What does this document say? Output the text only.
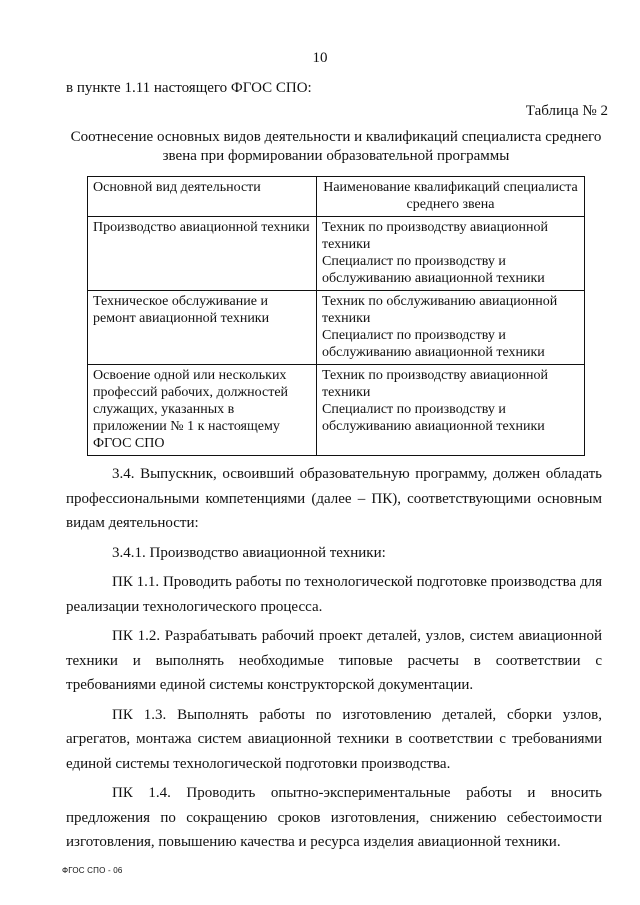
10
в пункте 1.11 настоящего ФГОС СПО:
Таблица № 2
Соотнесение основных видов деятельности и квалификаций специалиста среднего звена при формировании образовательной программы
Основной вид деятельности	Наименование квалификаций специалиста среднего звена
Производство авиационной техники	Техник по производству авиационной техники
Специалист по производству и обслуживанию авиационной техники

Техническое обслуживание и ремонт авиационной техники	Техник по обслуживанию авиационной техники
Специалист по производству и обслуживанию авиационной техники

Освоение одной или нескольких профессий рабочих, должностей служащих, указанных в приложении № 1 к настоящему ФГОС СПО	Техник по производству авиационной техники
Специалист по производству и обслуживанию авиационной техники

3.4. Выпускник, освоивший образовательную программу, должен обладать профессиональными компетенциями (далее – ПК), соответствующими основным видам деятельности:

3.4.1. Производство авиационной техники:

ПК 1.1. Проводить работы по технологической подготовке производства для реализации технологического процесса.

ПК 1.2. Разрабатывать рабочий проект деталей, узлов, систем авиационной техники и выполнять необходимые типовые расчеты в соответствии с требованиями единой системы конструкторской документации.

ПК 1.3. Выполнять работы по изготовлению деталей, сборки узлов, агрегатов, монтажа систем авиационной техники в соответствии с требованиями единой системы технологической подготовки производства.

ПК 1.4. Проводить опытно-экспериментальные работы и вносить предложения по сокращению сроков изготовления, снижению себестоимости изготовления, повышению качества и ресурса изделия авиационной техники.

ФГОС СПО - 06
